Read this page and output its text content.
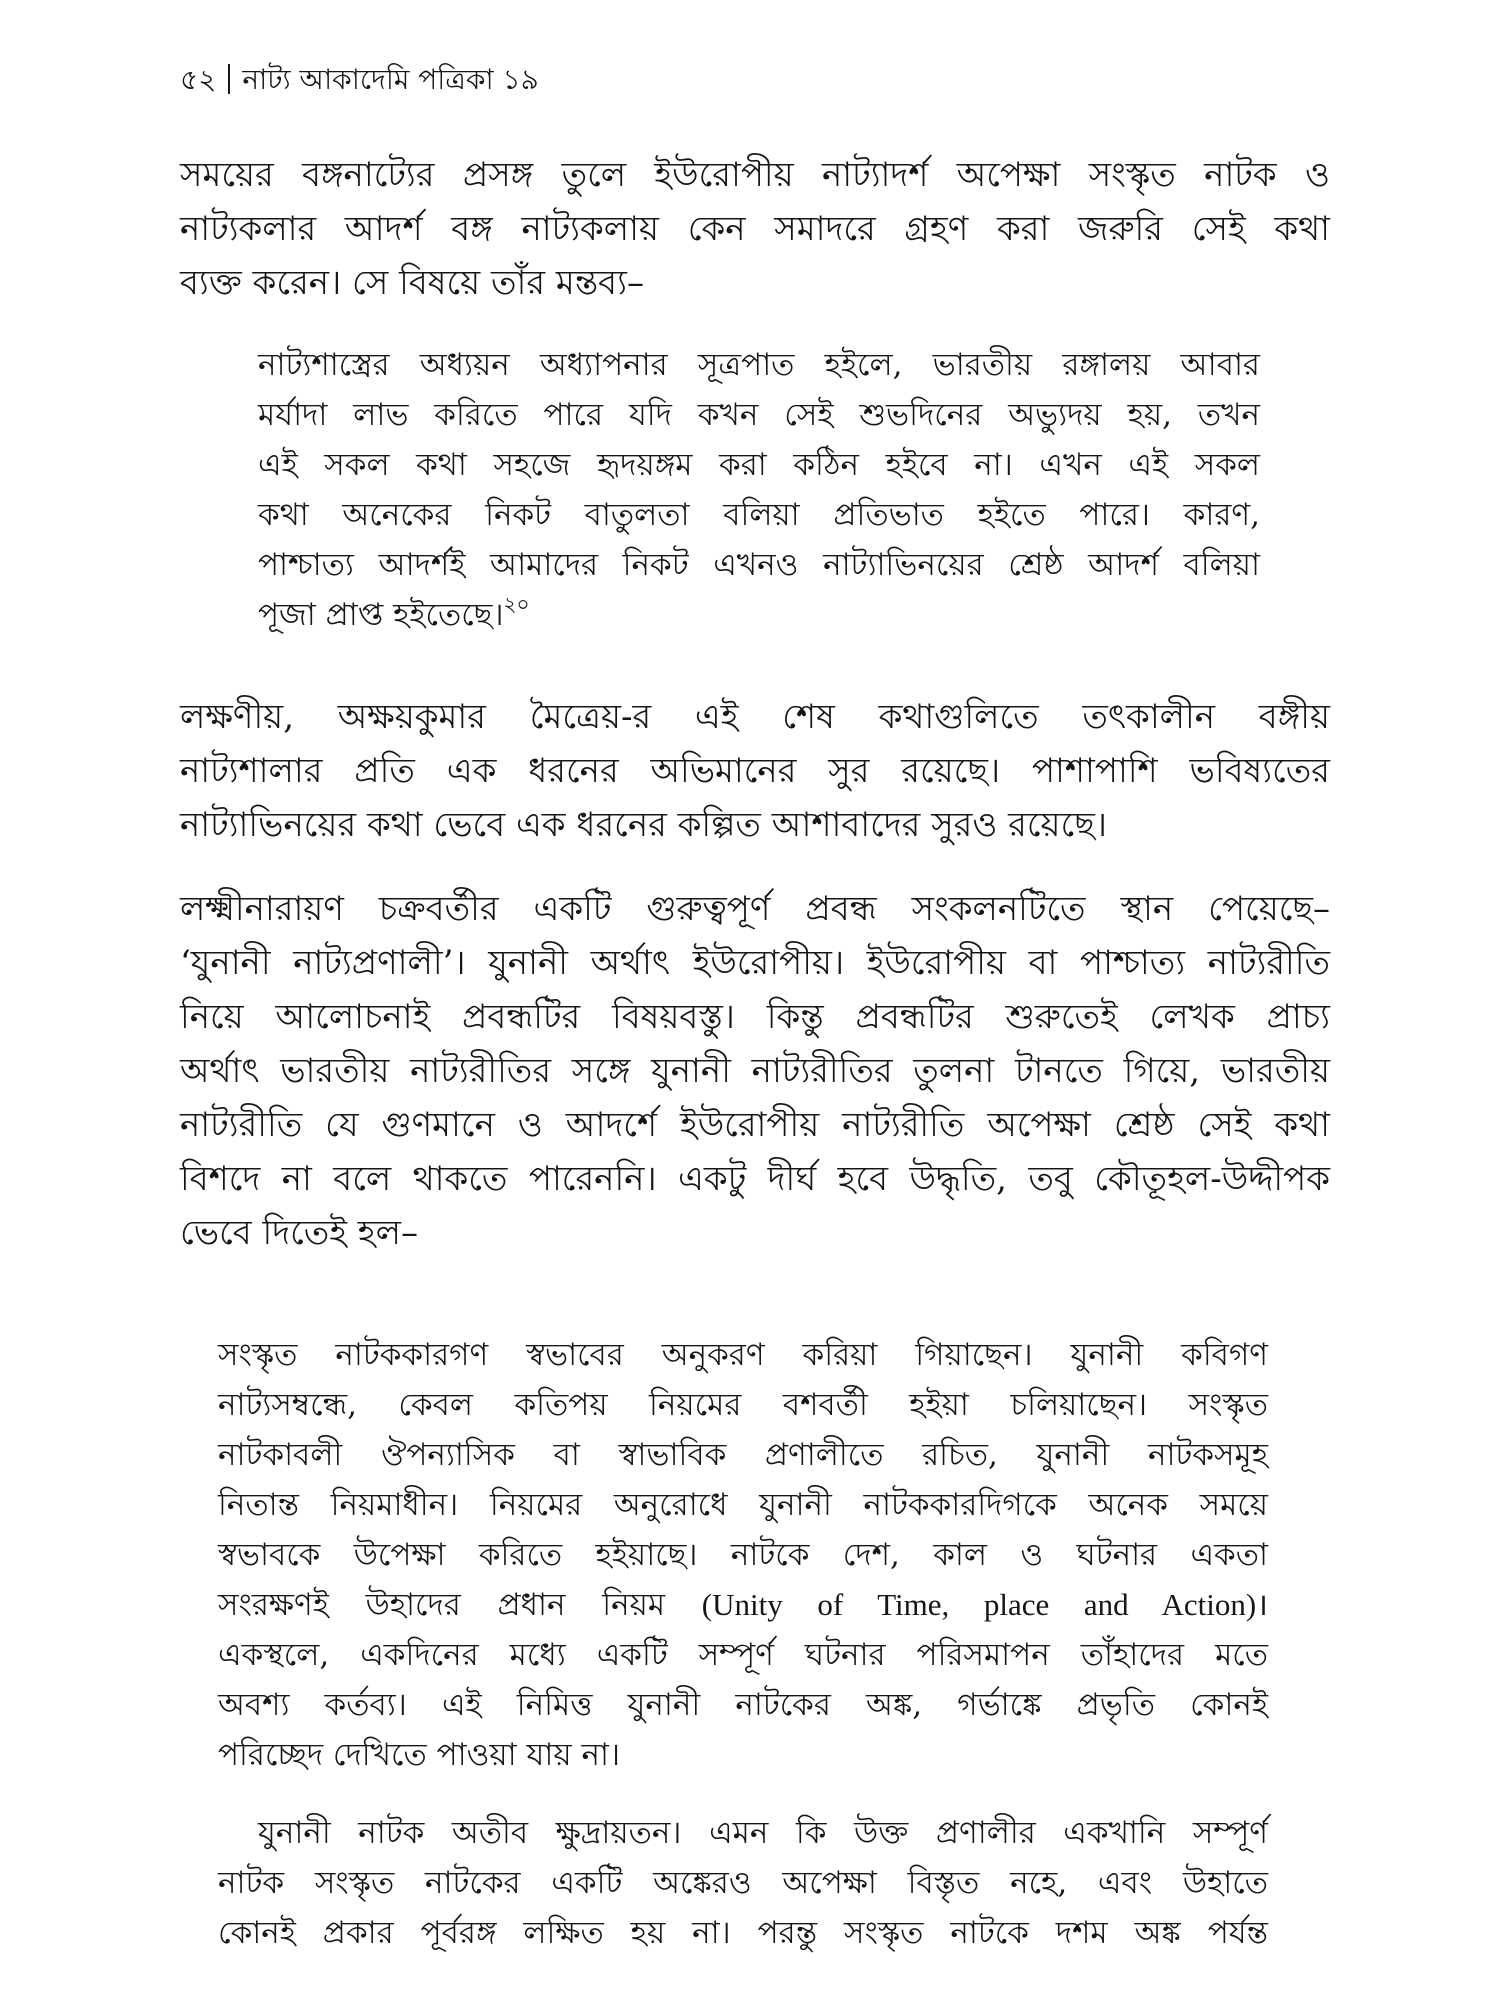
৫২ নাট্য আকাদেমি পত্রিকা ১৯
সময়ের বঙ্গনাট্যের প্রসঙ্গ তুলে ইউরোপীয় নাট্যাদর্শ অপেক্ষা সংস্কৃত নাটক ও
নাট্যকলার আদর্শ বঙ্গ নাট্যকলায় কেন সমাদরে গ্রহণ করা জরুরি সেই কথা
ব্যক্ত করেন। সে বিষয়ে তাঁর মন্তব্য–
নাট্যশাস্ত্রের অধ্যয়ন অধ্যাপনার সূত্রপাত হইলে, ভারতীয় রঙ্গালয় আবার
মর্যাদা লাভ করিতে পারে যদি কখন সেই শুভদিনের অভ্যুদয় হয়, তখন
এই সকল কথা সহজে হৃদয়ঙ্গম করা কঠিন হইবে না। এখন এই সকল
কথা অনেকের নিকট বাতুলতা বলিয়া প্রতিভাত হইতে পারে। কারণ,
পাশ্চাত্য আদর্শই আমাদের নিকট এখনও নাট্যাভিনয়ের শ্রেষ্ঠ আদর্শ বলিয়া
পূজা প্রাপ্ত হইতেছে।$^{২০}$
লক্ষণীয়, অক্ষয়কুমার মৈত্রেয়-র এই শেষ কথাগুলিতে তৎকালীন বঙ্গীয়
নাট্যশালার প্রতি এক ধরনের অভিমানের সুর রয়েছে। পাশাপাশি ভবিষ্যতের
নাট্যাভিনয়ের কথা ভেবে এক ধরনের কল্পিত আশাবাদের সুরও রয়েছে।
লক্ষ্মীনারায়ণ চক্রবর্তীর একটি গুরুত্বপূর্ণ প্রবন্ধ সংকলনটিতে স্থান পেয়েছে–
‘যুনানী নাট্যপ্রণালী’। যুনানী অর্থাৎ ইউরোপীয়। ইউরোপীয় বা পাশ্চাত্য নাট্যরীতি
নিয়ে আলোচনাই প্রবন্ধটির বিষয়বস্তু। কিন্তু প্রবন্ধটির শুরুতেই লেখক প্রাচ্য
অর্থাৎ ভারতীয় নাট্যরীতির সঙ্গে যুনানী নাট্যরীতির তুলনা টানতে গিয়ে, ভারতীয়
নাট্যরীতি যে গুণমানে ও আদর্শে ইউরোপীয় নাট্যরীতি অপেক্ষা শ্রেষ্ঠ সেই কথা
বিশদে না বলে থাকতে পারেননি। একটু দীর্ঘ হবে উদ্ধৃতি, তবু কৌতূহল-উদ্দীপক
ভেবে দিতেই হল–
সংস্কৃত নাটককারগণ স্বভাবের অনুকরণ করিয়া গিয়াছেন। যুনানী কবিগণ
নাট্যসম্বন্ধে, কেবল কতিপয় নিয়মের বশবর্তী হইয়া চলিয়াছেন। সংস্কৃত
নাটকাবলী ঔপন্যাসিক বা স্বাভাবিক প্রণালীতে রচিত, যুনানী নাটকসমূহ
নিতান্ত নিয়মাধীন। নিয়মের অনুরোধে যুনানী নাটককারদিগকে অনেক সময়ে
স্বভাবকে উপেক্ষা করিতে হইয়াছে। নাটকে দেশ, কাল ও ঘটনার একতা
সংরক্ষণই উহাদের প্রধান নিয়ম (Unity of Time, place and Action)।
একস্থলে, একদিনের মধ্যে একটি সম্পূর্ণ ঘটনার পরিসমাপন তাঁহাদের মতে
অবশ্য কর্তব্য। এই নিমিত্ত যুনানী নাটকের অঙ্ক, গর্ভাঙ্কে প্রভৃতি কোনই
পরিচ্ছেদ দেখিতে পাওয়া যায় না।
যুনানী নাটক অতীব ক্ষুদ্রায়তন। এমন কি উক্ত প্রণালীর একখানি সম্পূর্ণ
নাটক সংস্কৃত নাটকের একটি অঙ্কেরও অপেক্ষা বিস্তৃত নহে, এবং উহাতে
কোনই প্রকার পূর্বরঙ্গ লক্ষিত হয় না। পরন্তু সংস্কৃত নাটকে দশম অঙ্ক পর্যন্ত
